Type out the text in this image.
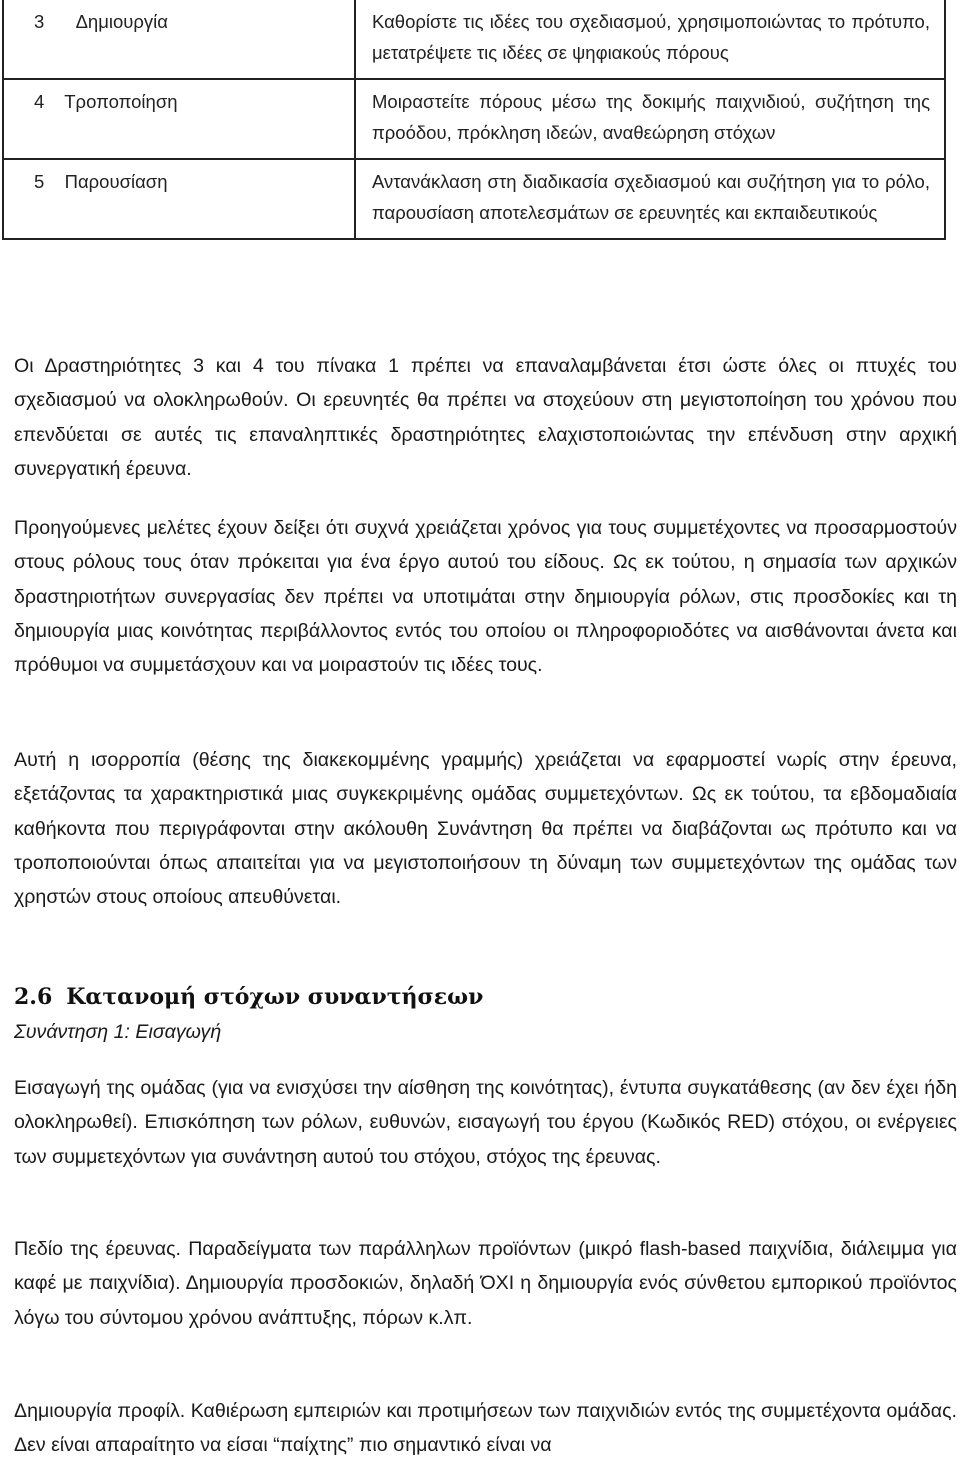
3 Δημιουργία	Καθορίστε τις ιδέες του σχεδιασμού, χρησιμοποιώντας το πρότυπο, μετατρέψετε τις ιδέες σε ψηφιακούς πόρους
4 Τροποποίηση	Μοιραστείτε πόρους μέσω της δοκιμής παιχνιδιού, συζήτηση της προόδου, πρόκληση ιδεών, αναθεώρηση στόχων
5 Παρουσίαση	Αντανάκλαση στη διαδικασία σχεδιασμού και συζήτηση για το ρόλο, παρουσίαση αποτελεσμάτων σε ερευνητές και εκπαιδευτικούς

Οι Δραστηριότητες 3 και 4 του πίνακα 1 πρέπει να επαναλαμβάνεται έτσι ώστε όλες οι πτυχές του σχεδιασμού να ολοκληρωθούν. Οι ερευνητές θα πρέπει να στοχεύουν στη μεγιστοποίηση του χρόνου που επενδύεται σε αυτές τις επαναληπτικές δραστηριότητες ελαχιστοποιώντας την επένδυση στην αρχική συνεργατική έρευνα.

Προηγούμενες μελέτες έχουν δείξει ότι συχνά χρειάζεται χρόνος για τους συμμετέχοντες να προσαρμοστούν στους ρόλους τους όταν πρόκειται για ένα έργο αυτού του είδους. Ως εκ τούτου, η σημασία των αρχικών δραστηριοτήτων συνεργασίας δεν πρέπει να υποτιμάται στην δημιουργία ρόλων, στις προσδοκίες και τη δημιουργία μιας κοινότητας περιβάλλοντος εντός του οποίου οι πληροφοριοδότες να αισθάνονται άνετα και πρόθυμοι να συμμετάσχουν και να μοιραστούν τις ιδέες τους.

Αυτή η ισορροπία (θέσης της διακεκομμένης γραμμής) χρειάζεται να εφαρμοστεί νωρίς στην έρευνα, εξετάζοντας τα χαρακτηριστικά μιας συγκεκριμένης ομάδας συμμετεχόντων. Ως εκ τούτου, τα εβδομαδιαία καθήκοντα που περιγράφονται στην ακόλουθη Συνάντηση θα πρέπει να διαβάζονται ως πρότυπο και να τροποποιούνται όπως απαιτείται για να μεγιστοποιήσουν τη δύναμη των συμμετεχόντων της ομάδας των χρηστών στους οποίους απευθύνεται.

2.6 Κατανομή στόχων συναντήσεων

Συνάντηση 1: Εισαγωγή

Εισαγωγή της ομάδας (για να ενισχύσει την αίσθηση της κοινότητας), έντυπα συγκατάθεσης (αν δεν έχει ήδη ολοκληρωθεί). Επισκόπηση των ρόλων, ευθυνών, εισαγωγή του έργου (Κωδικός RED) στόχου, οι ενέργειες των συμμετεχόντων για συνάντηση αυτού του στόχου, στόχος της έρευνας.

Πεδίο της έρευνας. Παραδείγματα των παράλληλων προϊόντων (μικρό flash-based παιχνίδια, διάλειμμα για καφέ με παιχνίδια). Δημιουργία προσδοκιών, δηλαδή ΌΧΙ η δημιουργία ενός σύνθετου εμπορικού προϊόντος λόγω του σύντομου χρόνου ανάπτυξης, πόρων κ.λπ.

Δημιουργία προφίλ. Καθιέρωση εμπειριών και προτιμήσεων των παιχνιδιών εντός της συμμετέχοντα ομάδας. Δεν είναι απαραίτητο να είσαι “παίχτης” πιο σημαντικό είναι να
